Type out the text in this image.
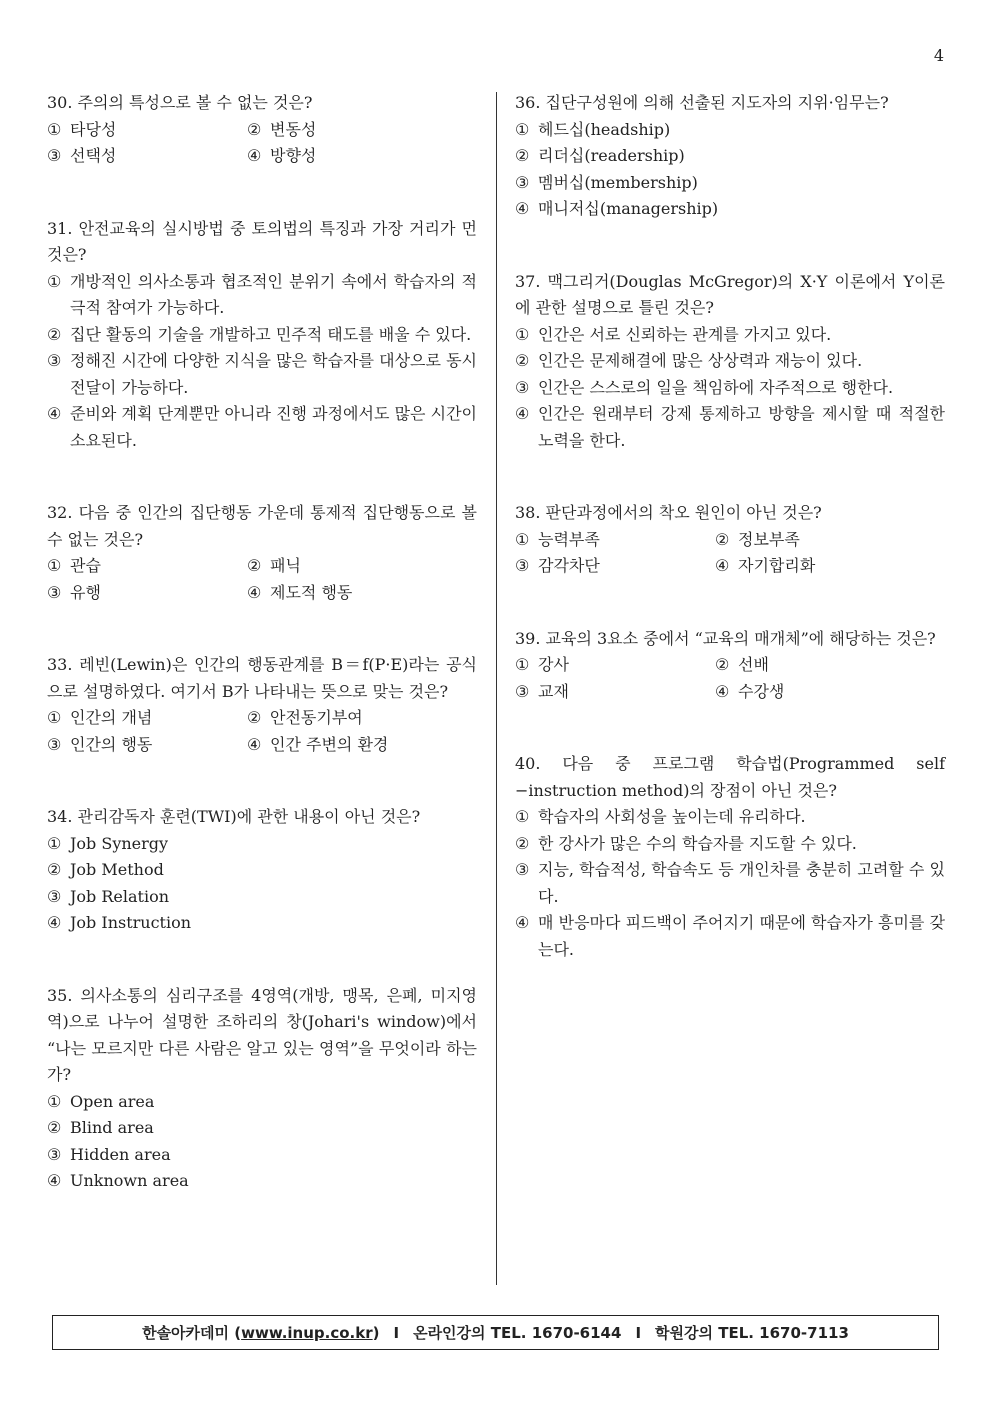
4

30. 주의의 특성으로 볼 수 없는 것은?

① 타당성	② 변동성
③ 선택성	④ 방향성

31. 안전교육의 실시방법 중 토의법의 특징과 가장 거리가 먼 것은?

① 개방적인 의사소통과 협조적인 분위기 속에서 학습자의 적극적 참여가 가능하다.
② 집단 활동의 기술을 개발하고 민주적 태도를 배울 수 있다.
③ 정해진 시간에 다양한 지식을 많은 학습자를 대상으로 동시 전달이 가능하다.
④ 준비와 계획 단계뿐만 아니라 진행 과정에서도 많은 시간이 소요된다.

32. 다음 중 인간의 집단행동 가운데 통제적 집단행동으로 볼 수 없는 것은?

① 관습	② 패닉
③ 유행	④ 제도적 행동

33. 레빈(Lewin)은 인간의 행동관계를 B＝f(P·E)라는 공식으로 설명하였다. 여기서 B가 나타내는 뜻으로 맞는 것은?

① 인간의 개념	② 안전동기부여
③ 인간의 행동	④ 인간 주변의 환경

34. 관리감독자 훈련(TWI)에 관한 내용이 아닌 것은?

① Job Synergy
② Job Method
③ Job Relation
④ Job Instruction

35. 의사소통의 심리구조를 4영역(개방, 맹목, 은폐, 미지영역)으로 나누어 설명한 조하리의 창(Johari's window)에서 “나는 모르지만 다른 사람은 알고 있는 영역”을 무엇이라 하는가?

① Open area
② Blind area
③ Hidden area
④ Unknown area

36. 집단구성원에 의해 선출된 지도자의 지위·임무는?

① 헤드십(headship)
② 리더십(readership)
③ 멤버십(membership)
④ 매니저십(managership)

37. 맥그리거(Douglas McGregor)의 X·Y 이론에서 Y이론에 관한 설명으로 틀린 것은?

① 인간은 서로 신뢰하는 관계를 가지고 있다.
② 인간은 문제해결에 많은 상상력과 재능이 있다.
③ 인간은 스스로의 일을 책임하에 자주적으로 행한다.
④ 인간은 원래부터 강제 통제하고 방향을 제시할 때 적절한 노력을 한다.

38. 판단과정에서의 착오 원인이 아닌 것은?

① 능력부족	② 정보부족
③ 감각차단	④ 자기합리화

39. 교육의 3요소 중에서 “교육의 매개체”에 해당하는 것은?

① 강사	② 선배
③ 교재	④ 수강생

40. 다음 중 프로그램 학습법(Programmed self −instruction method)의 장점이 아닌 것은?

① 학습자의 사회성을 높이는데 유리하다.
② 한 강사가 많은 수의 학습자를 지도할 수 있다.
③ 지능, 학습적성, 학습속도 등 개인차를 충분히 고려할 수 있다.
④ 매 반응마다 피드백이 주어지기 때문에 학습자가 흥미를 갖는다.
한솔아카데미 ( www.inup.co.kr ) I 온라인강의 TEL. 1670-6144 I 학원강의 TEL. 1670-7113
